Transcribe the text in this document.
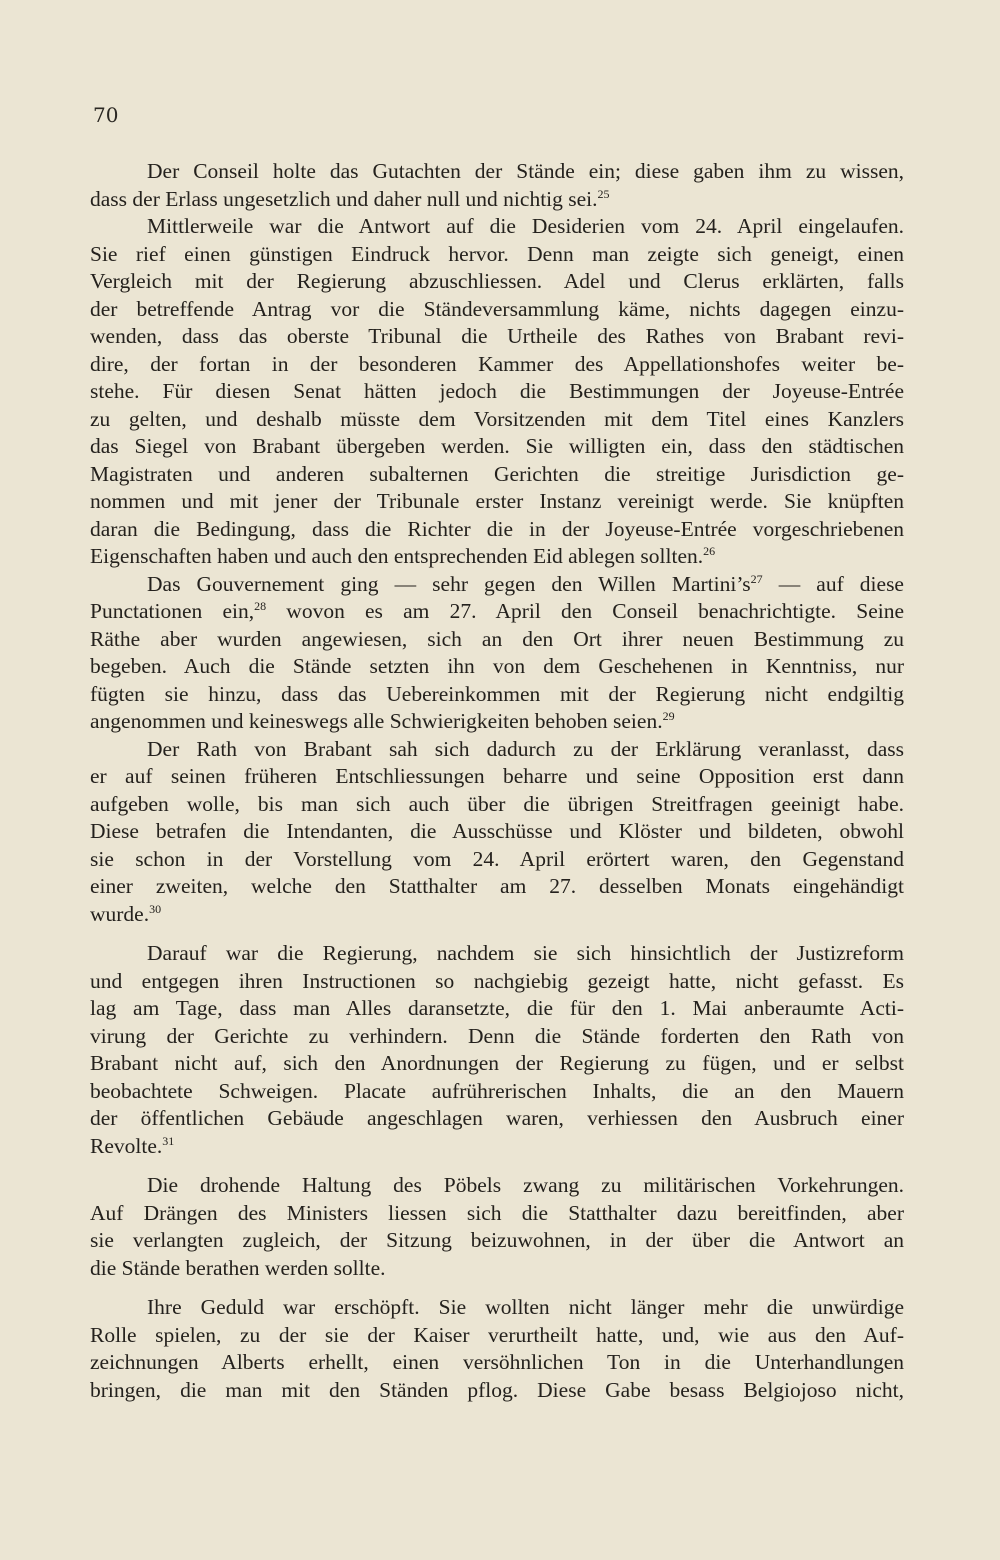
70
Der Conseil holte das Gutachten der Stände ein; diese gaben ihm zu wissen,
dass der Erlass ungesetzlich und daher null und nichtig sei.$^{25}$
Mittlerweile war die Antwort auf die Desiderien vom 24. April eingelaufen.
Sie rief einen günstigen Eindruck hervor. Denn man zeigte sich geneigt, einen
Vergleich mit der Regierung abzuschliessen. Adel und Clerus erklärten, falls
der betreffende Antrag vor die Ständeversammlung käme, nichts dagegen einzu-
wenden, dass das oberste Tribunal die Urtheile des Rathes von Brabant revi-
dire, der fortan in der besonderen Kammer des Appellationshofes weiter be-
stehe. Für diesen Senat hätten jedoch die Bestimmungen der Joyeuse-Entrée
zu gelten, und deshalb müsste dem Vorsitzenden mit dem Titel eines Kanzlers
das Siegel von Brabant übergeben werden. Sie willigten ein, dass den städtischen
Magistraten und anderen subalternen Gerichten die streitige Jurisdiction ge-
nommen und mit jener der Tribunale erster Instanz vereinigt werde. Sie knüpften
daran die Bedingung, dass die Richter die in der Joyeuse-Entrée vorgeschriebenen
Eigenschaften haben und auch den entsprechenden Eid ablegen sollten.$^{26}$
Das Gouvernement ging — sehr gegen den Willen $Martini’s^{27}$ — auf diese
Punctationen ein,$^{28}$ wovon es am 27. April den Conseil benachrichtigte. Seine
Räthe aber wurden angewiesen, sich an den Ort ihrer neuen Bestimmung zu
begeben. Auch die Stände setzten ihn von dem Geschehenen in Kenntniss, nur
fügten sie hinzu, dass das Uebereinkommen mit der Regierung nicht endgiltig
angenommen und keineswegs alle Schwierigkeiten behoben seien.$^{29}$
Der Rath von Brabant sah sich dadurch zu der Erklärung veranlasst, dass
er auf seinen früheren Entschliessungen beharre und seine Opposition erst dann
aufgeben wolle, bis man sich auch über die übrigen Streitfragen geeinigt habe.
Diese betrafen die Intendanten, die Ausschüsse und Klöster und bildeten, obwohl
sie schon in der Vorstellung vom 24. April erörtert waren, den Gegenstand
einer zweiten, welche den Statthalter am 27. desselben Monats eingehändigt
wurde.$^{30}$
Darauf war die Regierung, nachdem sie sich hinsichtlich der Justizreform
und entgegen ihren Instructionen so nachgiebig gezeigt hatte, nicht gefasst. Es
lag am Tage, dass man Alles daransetzte, die für den 1. Mai anberaumte Acti-
virung der Gerichte zu verhindern. Denn die Stände forderten den Rath von
Brabant nicht auf, sich den Anordnungen der Regierung zu fügen, und er selbst
beobachtete Schweigen. Placate aufrührerischen Inhalts, die an den Mauern
der öffentlichen Gebäude angeschlagen waren, verhiessen den Ausbruch einer
Revolte.$^{31}$
Die drohende Haltung des Pöbels zwang zu militärischen Vorkehrungen.
Auf Drängen des Ministers liessen sich die Statthalter dazu bereitfinden, aber
sie verlangten zugleich, der Sitzung beizuwohnen, in der über die Antwort an
die Stände berathen werden sollte.
Ihre Geduld war erschöpft. Sie wollten nicht länger mehr die unwürdige
Rolle spielen, zu der sie der Kaiser verurtheilt hatte, und, wie aus den Auf-
zeichnungen Alberts erhellt, einen versöhnlichen Ton in die Unterhandlungen
bringen, die man mit den Ständen pflog. Diese Gabe besass Belgiojoso nicht,
